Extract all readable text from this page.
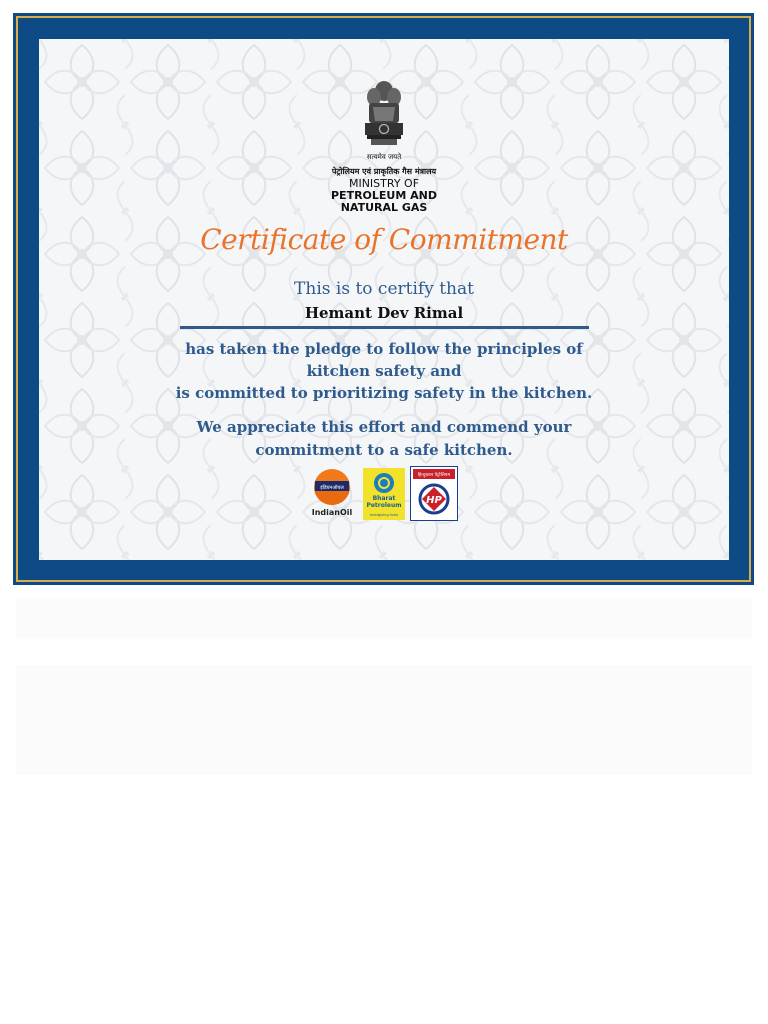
सत्यमेव जयते
पेट्रोलियम एवं प्राकृतिक गैस मंत्रालय
MINISTRY OF
PETROLEUM AND
NATURAL GAS
Certificate of Commitment
This is to certify that
Hemant Dev Rimal
has taken the pledge to follow the principles of
kitchen safety and
is committed to prioritizing safety in the kitchen.
We appreciate this effort and commend your
commitment to a safe kitchen.
इंडियनऑयल
IndianOil
Bharat
Petroleum
energising lives
हिन्दुस्तान पेट्रोलियम
HP
